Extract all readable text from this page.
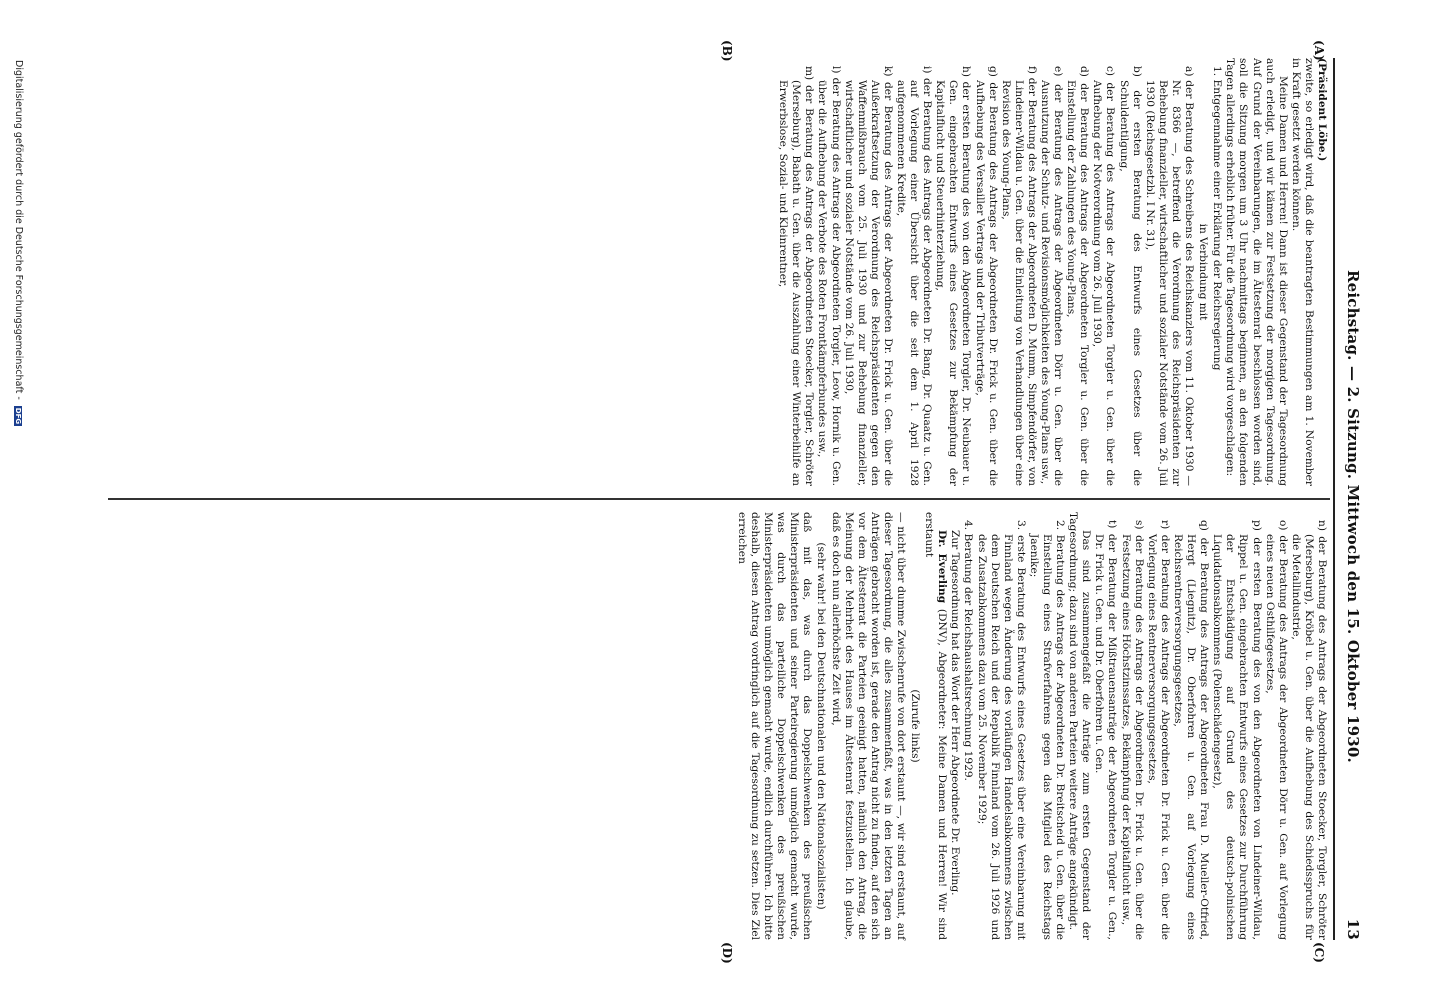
Reichstag. — 2. Sitzung. Mittwoch den 15. Oktober 1930.
13

(Präsident Löbe.)

zweite, so erledigt wird, daß die beantragten Bestimmungen am 1. November in Kraft gesetzt werden können.

Meine Damen und Herren! Dann ist dieser Gegenstand der Tagesordnung auch erledigt, und wir kämen zur Festsetzung der morgigen Tagesordnung. Auf Grund der Vereinbarungen, die im Ältestenrat beschlossen worden sind, soll die Sitzung morgen um 3 Uhr nachmittags beginnen, an den folgenden Tagen allerdings erheblich früher. Für die Tagesordnung wird vorgeschlagen:

1. Entgegennahme einer Erklärung der Reichsregierung

in Verbindung mit

a) der Beratung des Schreibens des Reichskanzlers vom 11. Oktober 1930 — Nr. 8366 —, betreffend die Verordnung des Reichspräsidenten zur Behebung finanzieller, wirtschaftlicher und sozialer Notstände vom 26. Juli 1930 (Reichsgesetzbl. I Nr. 31),

b) der ersten Beratung des Entwurfs eines Gesetzes über die Schuldentilgung,

c) der Beratung des Antrags der Abgeordneten Torgler u. Gen. über die Aufhebung der Notverordnung vom 26. Juli 1930,

d) der Beratung des Antrags der Abgeordneten Torgler u. Gen. über die Einstellung der Zahlungen des Young-Plans,

e) der Beratung des Antrags der Abgeordneten Dörr u. Gen. über die Ausnutzung der Schutz- und Revisionsmöglichkeiten des Young-Plans usw.,

f) der Beratung des Antrags der Abgeordneten D. Mumm, Simpfendörfer, von Lindeiner-Wildau u. Gen. über die Einleitung von Verhandlungen über eine Revision des Young-Plans,

g) der Beratung des Antrags der Abgeordneten Dr. Frick u. Gen. über die Aufhebung des Versailler Vertrags und der Tributverträge,

h) der ersten Beratung des von den Abgeordneten Torgler, Dr. Neubauer u. Gen. eingebrachten Entwurfs eines Gesetzes zur Bekämpfung der Kapitalflucht und Steuerhinterziehung,

i) der Beratung des Antrags der Abgeordneten Dr. Bang, Dr. Quaatz u. Gen. auf Vorlegung einer Übersicht über die seit dem 1. April 1928 aufgenommenen Kredite,

k) der Beratung des Antrags der Abgeordneten Dr. Frick u. Gen. über die Außerkraftsetzung der Verordnung des Reichspräsidenten gegen den Waffenmißbrauch vom 25. Juli 1930 und zur Behebung finanzieller, wirtschaftlicher und sozialer Notstände vom 26. Juli 1930,

l) der Beratung des Antrags der Abgeordneten Torgler, Leow, Hornik u. Gen. über die Aufhebung der Verbote des Roten Frontkämpferbundes usw.,

m) der Beratung des Antrags der Abgeordneten Stoecker, Torgler, Schröter (Merseburg), Babath u. Gen. über die Auszahlung einer Winterbeihilfe an Erwerbslose, Sozial- und Kleinrentner,

n) der Beratung des Antrags der Abgeordneten Stoecker, Torgler, Schröter (Merseburg), Kröbel u. Gen. über die Aufhebung des Schiedsspruchs für die Metallindustrie,

o) der Beratung des Antrags der Abgeordneten Dörr u. Gen. auf Vorlegung eines neuen Osthilfegesetzes,

p) der ersten Beratung des von den Abgeordneten von Lindeiner-Wildau, Rippel u. Gen. eingebrachten Entwurfs eines Gesetzes zur Durchführung der Entschädigung auf Grund des deutsch-polnischen Liquidationsabkommens (Polenschädengesetz),

q) der Beratung des Antrags der Abgeordneten Frau D. Mueller-Otfried, Hergt (Liegnitz), Dr. Oberfohren u. Gen. auf Vorlegung eines Reichsrentnerversorgungsgesetzes,

r) der Beratung des Antrags der Abgeordneten Dr. Frick u. Gen. über die Vorlegung eines Rentnerversorgungsgesetzes,

s) der Beratung des Antrags der Abgeordneten Dr. Frick u. Gen. über die Festsetzung eines Höchstzinssatzes, Bekämpfung der Kapitalflucht usw.,

t) der Beratung der Mißtrauensanträge der Abgeordneten Torgler u. Gen., Dr. Frick u. Gen. und Dr. Oberfohren u. Gen.

Das sind zusammengefaßt die Anträge zum ersten Gegenstand der Tagesordnung; dazu sind von anderen Parteien weitere Anträge angekündigt.

2. Beratung des Antrags der Abgeordneten Dr. Breitscheid u. Gen. über die Einstellung eines Strafverfahrens gegen das Mitglied des Reichstags Jaenike;

3. erste Beratung des Entwurfs eines Gesetzes über eine Vereinbarung mit Finnland wegen Änderung des vorläufigen Handelsabkommens zwischen dem Deutschen Reich und der Republik Finnland vom 26. Juli 1926 und des Zusatzabkommens dazu vom 25. November 1929;

4. Beratung der Reichshaushaltsrechnung 1929.

Zur Tagesordnung hat das Wort der Herr Abgeordnete Dr. Everling.

Dr. Everling (DNV), Abgeordneter: Meine Damen und Herren! Wir sind erstaunt

(Zurufe links)

— nicht über dumme Zwischenrufe von dort erstaunt —, wir sind erstaunt, auf dieser Tagesordnung, die alles zusammenfaßt, was in den letzten Tagen an Anträgen gebracht worden ist, gerade den Antrag nicht zu finden, auf den sich vor dem Ältestenrat die Parteien geeinigt hatten, nämlich den Antrag, die Meinung der Mehrheit des Hauses im Ältestenrat festzustellen. Ich glaube, daß es doch nun allerhöchste Zeit wird,

(sehr wahr! bei den Deutschnationalen und den Nationalsozialisten)

daß mit das, was durch das Doppelschwenken des preußischen Ministerpräsidenten und seiner Parteiregierung unmöglich gemacht wurde, was durch das parteiliche Doppelschwenken des preußischen Ministerpräsidenten unmöglich gemacht wurde, endlich durchführen. Ich bitte deshalb, diesen Antrag vordringlich auf die Tagesordnung zu setzen. Dies Ziel erreichen

(A)
(B)
(C)
(D)
Digitalisierung gefördert durch die Deutsche Forschungsgemeinschaft - DFG
